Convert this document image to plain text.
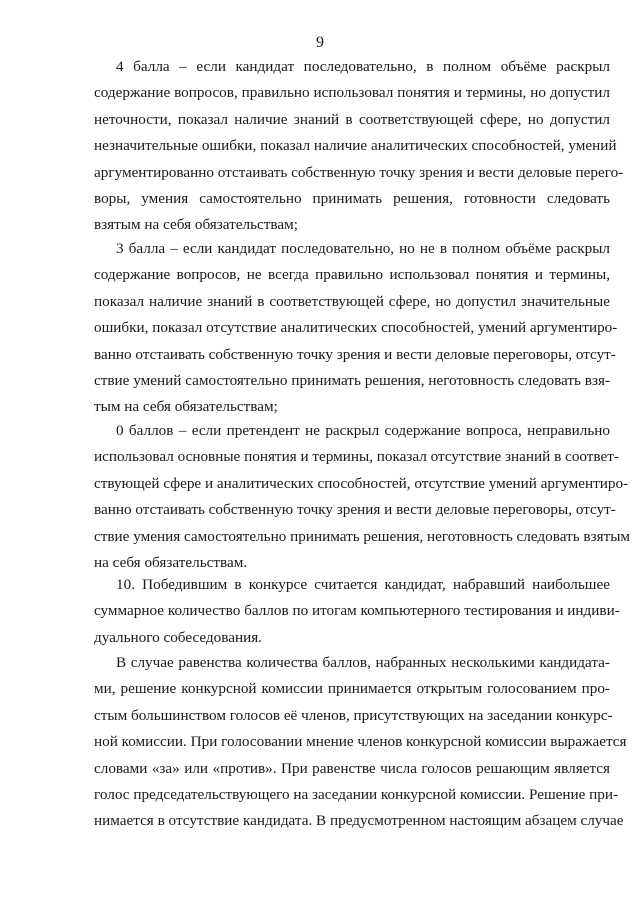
9
4 балла – если кандидат последовательно, в полном объёме раскрыл
содержание вопросов, правильно использовал понятия и термины, но допустил
неточности, показал наличие знаний в соответствующей сфере, но допустил
незначительные ошибки, показал наличие аналитических способностей, умений
аргументированно отстаивать собственную точку зрения и вести деловые перего-
воры, умения самостоятельно принимать решения, готовности следовать
взятым на себя обязательствам;
3 балла – если кандидат последовательно, но не в полном объёме раскрыл
содержание вопросов, не всегда правильно использовал понятия и термины,
показал наличие знаний в соответствующей сфере, но допустил значительные
ошибки, показал отсутствие аналитических способностей, умений аргументиро-
ванно отстаивать собственную точку зрения и вести деловые переговоры, отсут-
ствие умений самостоятельно принимать решения, неготовность следовать взя-
тым на себя обязательствам;
0 баллов – если претендент не раскрыл содержание вопроса, неправильно
использовал основные понятия и термины, показал отсутствие знаний в соответ-
ствующей сфере и аналитических способностей, отсутствие умений аргументиро-
ванно отстаивать собственную точку зрения и вести деловые переговоры, отсут-
ствие умения самостоятельно принимать решения, неготовность следовать взятым
на себя обязательствам.
10. Победившим в конкурсе считается кандидат, набравший наибольшее
суммарное количество баллов по итогам компьютерного тестирования и индиви-
дуального собеседования.
В случае равенства количества баллов, набранных несколькими кандидата-
ми, решение конкурсной комиссии принимается открытым голосованием про-
стым большинством голосов её членов, присутствующих на заседании конкурс-
ной комиссии. При голосовании мнение членов конкурсной комиссии выражается
словами «за» или «против». При равенстве числа голосов решающим является
голос председательствующего на заседании конкурсной комиссии. Решение при-
нимается в отсутствие кандидата. В предусмотренном настоящим абзацем случае
